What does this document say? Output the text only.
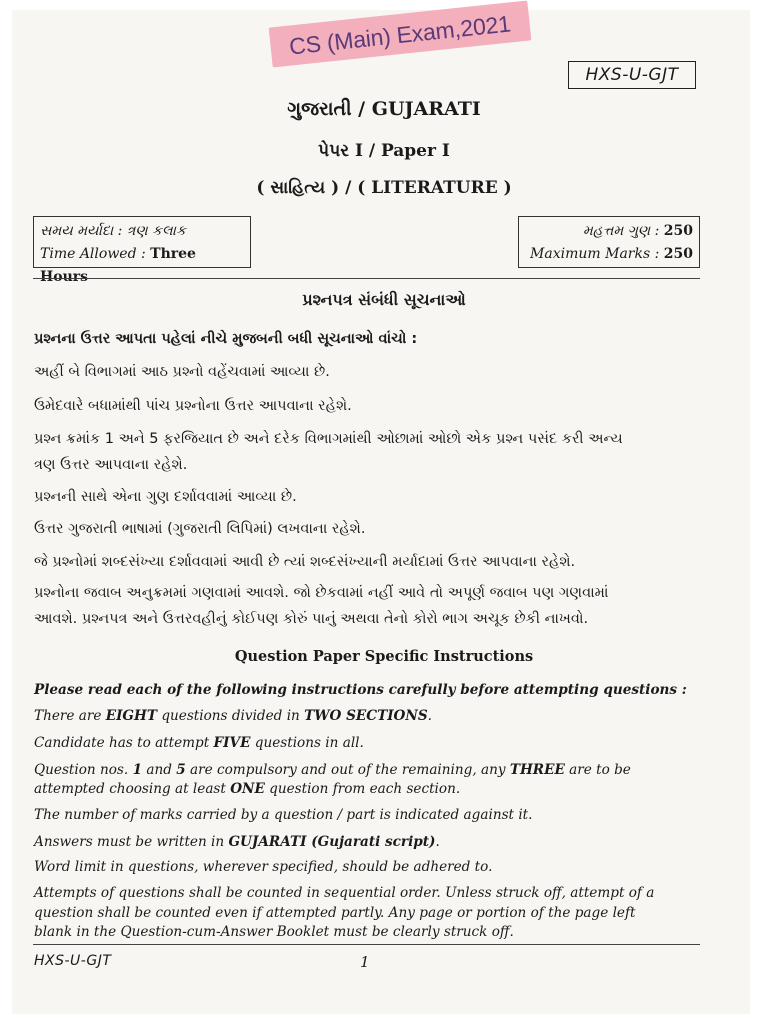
CS (Main) Exam,2021
HXS-U-GJT
ગુજરાતી / GUJARATI
પેપર I / Paper I
( સાહિત્ય ) / ( LITERATURE )
સમય મર્યાદા : ત્રણ કલાક
Time Allowed : Three Hours
મહત્તમ ગુણ : 250
Maximum Marks : 250
પ્રશ્નપત્ર સંબંધી સૂચનાઓ
પ્રશ્નના ઉત્તર આપતા પહેલાં નીચે મુજબની બધી સૂચનાઓ વાંચો :
અહીં બે વિભાગમાં આઠ પ્રશ્નો વહેંચવામાં આવ્યા છે.
ઉમેદવારે બધામાંથી પાંચ પ્રશ્નોના ઉત્તર આપવાના રહેશે.
પ્રશ્ન ક્રમાંક 1 અને 5 ફરજિયાત છે અને દરેક વિભાગમાંથી ઓછામાં ઓછો એક પ્રશ્ન પસંદ કરી અન્ય
ત્રણ ઉત્તર આપવાના રહેશે.
પ્રશ્નની સાથે એના ગુણ દર્શાવવામાં આવ્યા છે.
ઉત્તર ગુજરાતી ભાષામાં (ગુજરાતી લિપિમાં) લખવાના રહેશે.
જે પ્રશ્નોમાં શબ્દસંખ્યા દર્શાવવામાં આવી છે ત્યાં શબ્દસંખ્યાની મર્યાદામાં ઉત્તર આપવાના રહેશે.
પ્રશ્નોના જવાબ અનુક્રમમાં ગણવામાં આવશે. જો છેકવામાં નહીં આવે તો અપૂર્ણ જવાબ પણ ગણવામાં
આવશે. પ્રશ્નપત્ર અને ઉત્તરવહીનું કોઈપણ કોરું પાનું અથવા તેનો કોરો ભાગ અચૂક છેકી નાખવો.
Question Paper Specific Instructions
Please read each of the following instructions carefully before attempting questions :
There are EIGHT questions divided in TWO SECTIONS.
Candidate has to attempt FIVE questions in all.
Question nos. 1 and 5 are compulsory and out of the remaining, any THREE are to be
attempted choosing at least ONE question from each section.
The number of marks carried by a question / part is indicated against it.
Answers must be written in GUJARATI (Gujarati script).
Word limit in questions, wherever specified, should be adhered to.
Attempts of questions shall be counted in sequential order. Unless struck off, attempt of a
question shall be counted even if attempted partly. Any page or portion of the page left
blank in the Question-cum-Answer Booklet must be clearly struck off.
HXS-U-GJT	1
